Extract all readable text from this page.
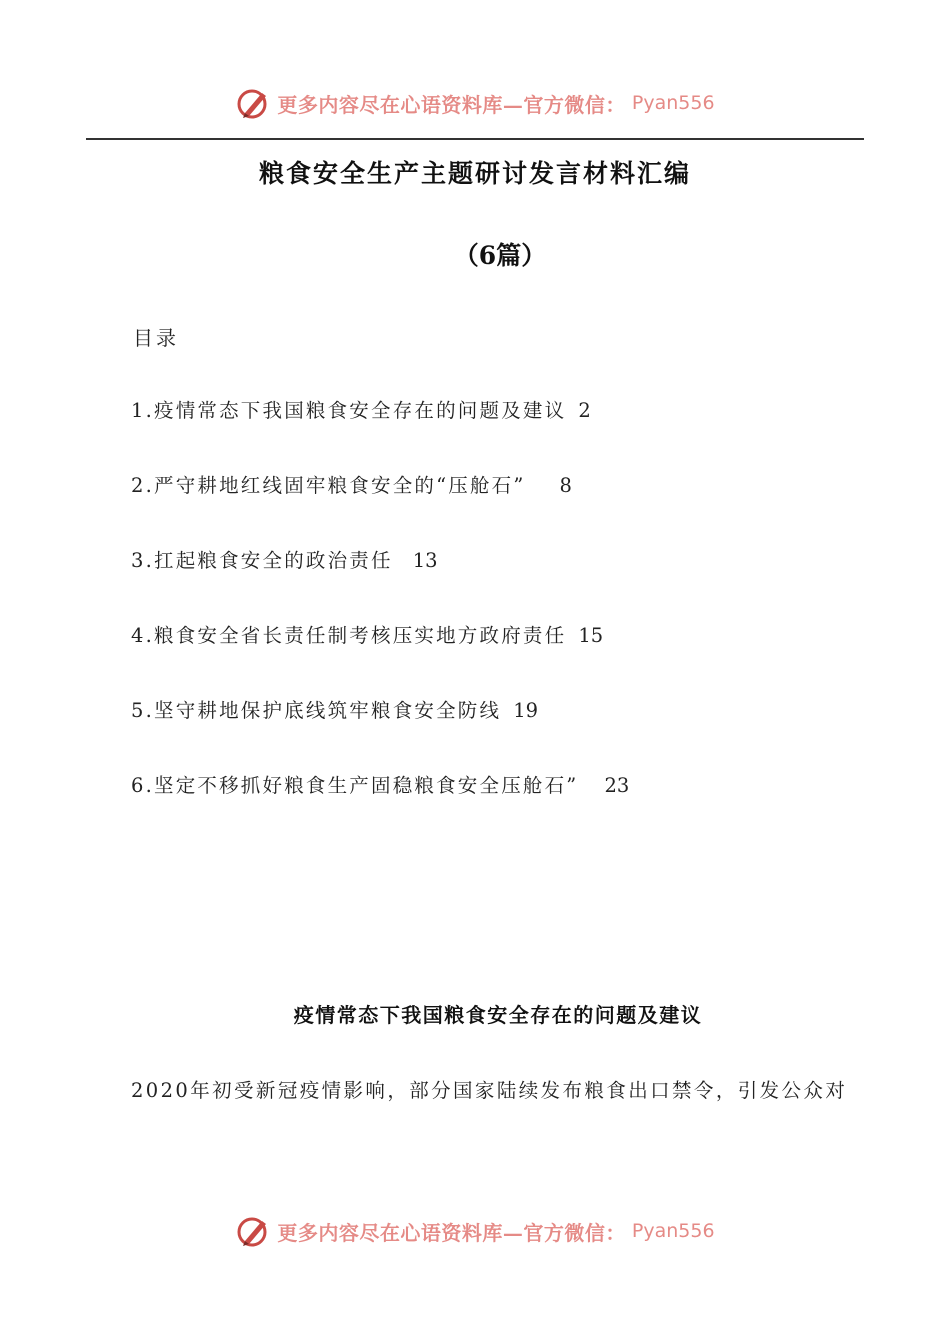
更多内容尽在心语资料库—官方微信： Pyan556
粮食安全生产主题研讨发言材料汇编
（6篇）
目录
1.疫情常态下我国粮食安全存在的问题及建议 2
2.严守耕地红线固牢粮食安全的“压舱石” 8
3.扛起粮食安全的政治责任 13
4.粮食安全省长责任制考核压实地方政府责任 15
5.坚守耕地保护底线筑牢粮食安全防线 19
6.坚定不移抓好粮食生产固稳粮食安全压舱石” 23
疫情常态下我国粮食安全存在的问题及建议
2020年初受新冠疫情影响，部分国家陆续发布粮食出口禁令，引发公众对
更多内容尽在心语资料库—官方微信： Pyan556
